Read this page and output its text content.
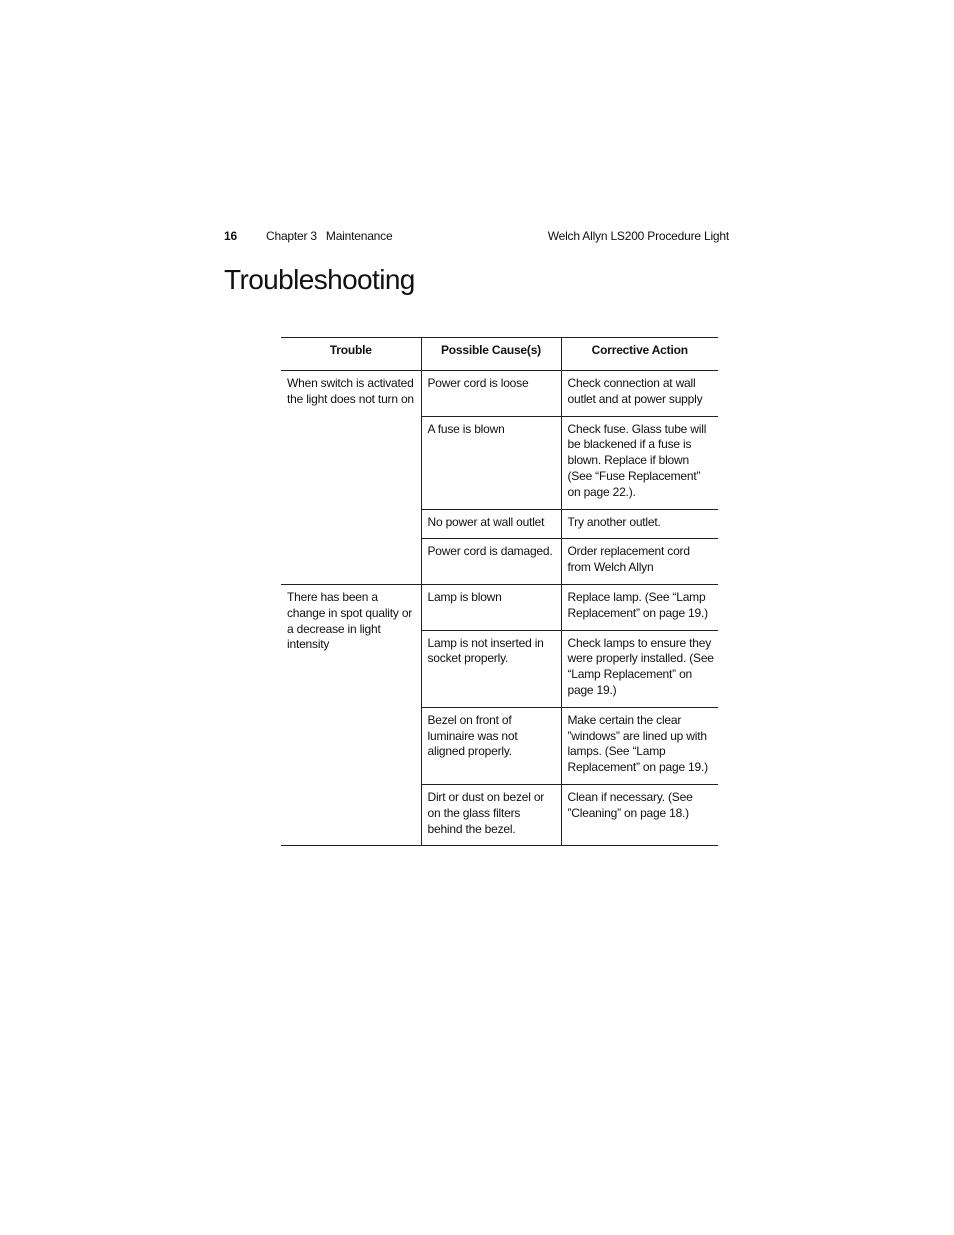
16 Chapter 3 Maintenance	Welch Allyn LS200 Procedure Light
Troubleshooting
Trouble	Possible Cause(s)	Corrective Action
When switch is activated the light does not turn on	Power cord is loose	Check connection at wall outlet and at power supply
	A fuse is blown	Check fuse. Glass tube will be blackened if a fuse is blown. Replace if blown (See “Fuse Replacement” on page 22.).
	No power at wall outlet	Try another outlet.
	Power cord is damaged.	Order replacement cord from Welch Allyn
There has been a change in spot quality or a decrease in light intensity	Lamp is blown	Replace lamp. (See “Lamp Replacement” on page 19.)
	Lamp is not inserted in socket properly.	Check lamps to ensure they were properly installed. (See “Lamp Replacement” on page 19.)
	Bezel on front of luminaire was not aligned properly.	Make certain the clear ”windows” are lined up with lamps. (See “Lamp Replacement” on page 19.)
	Dirt or dust on bezel or on the glass filters behind the bezel.	Clean if necessary. (See ”Cleaning” on page 18.)
